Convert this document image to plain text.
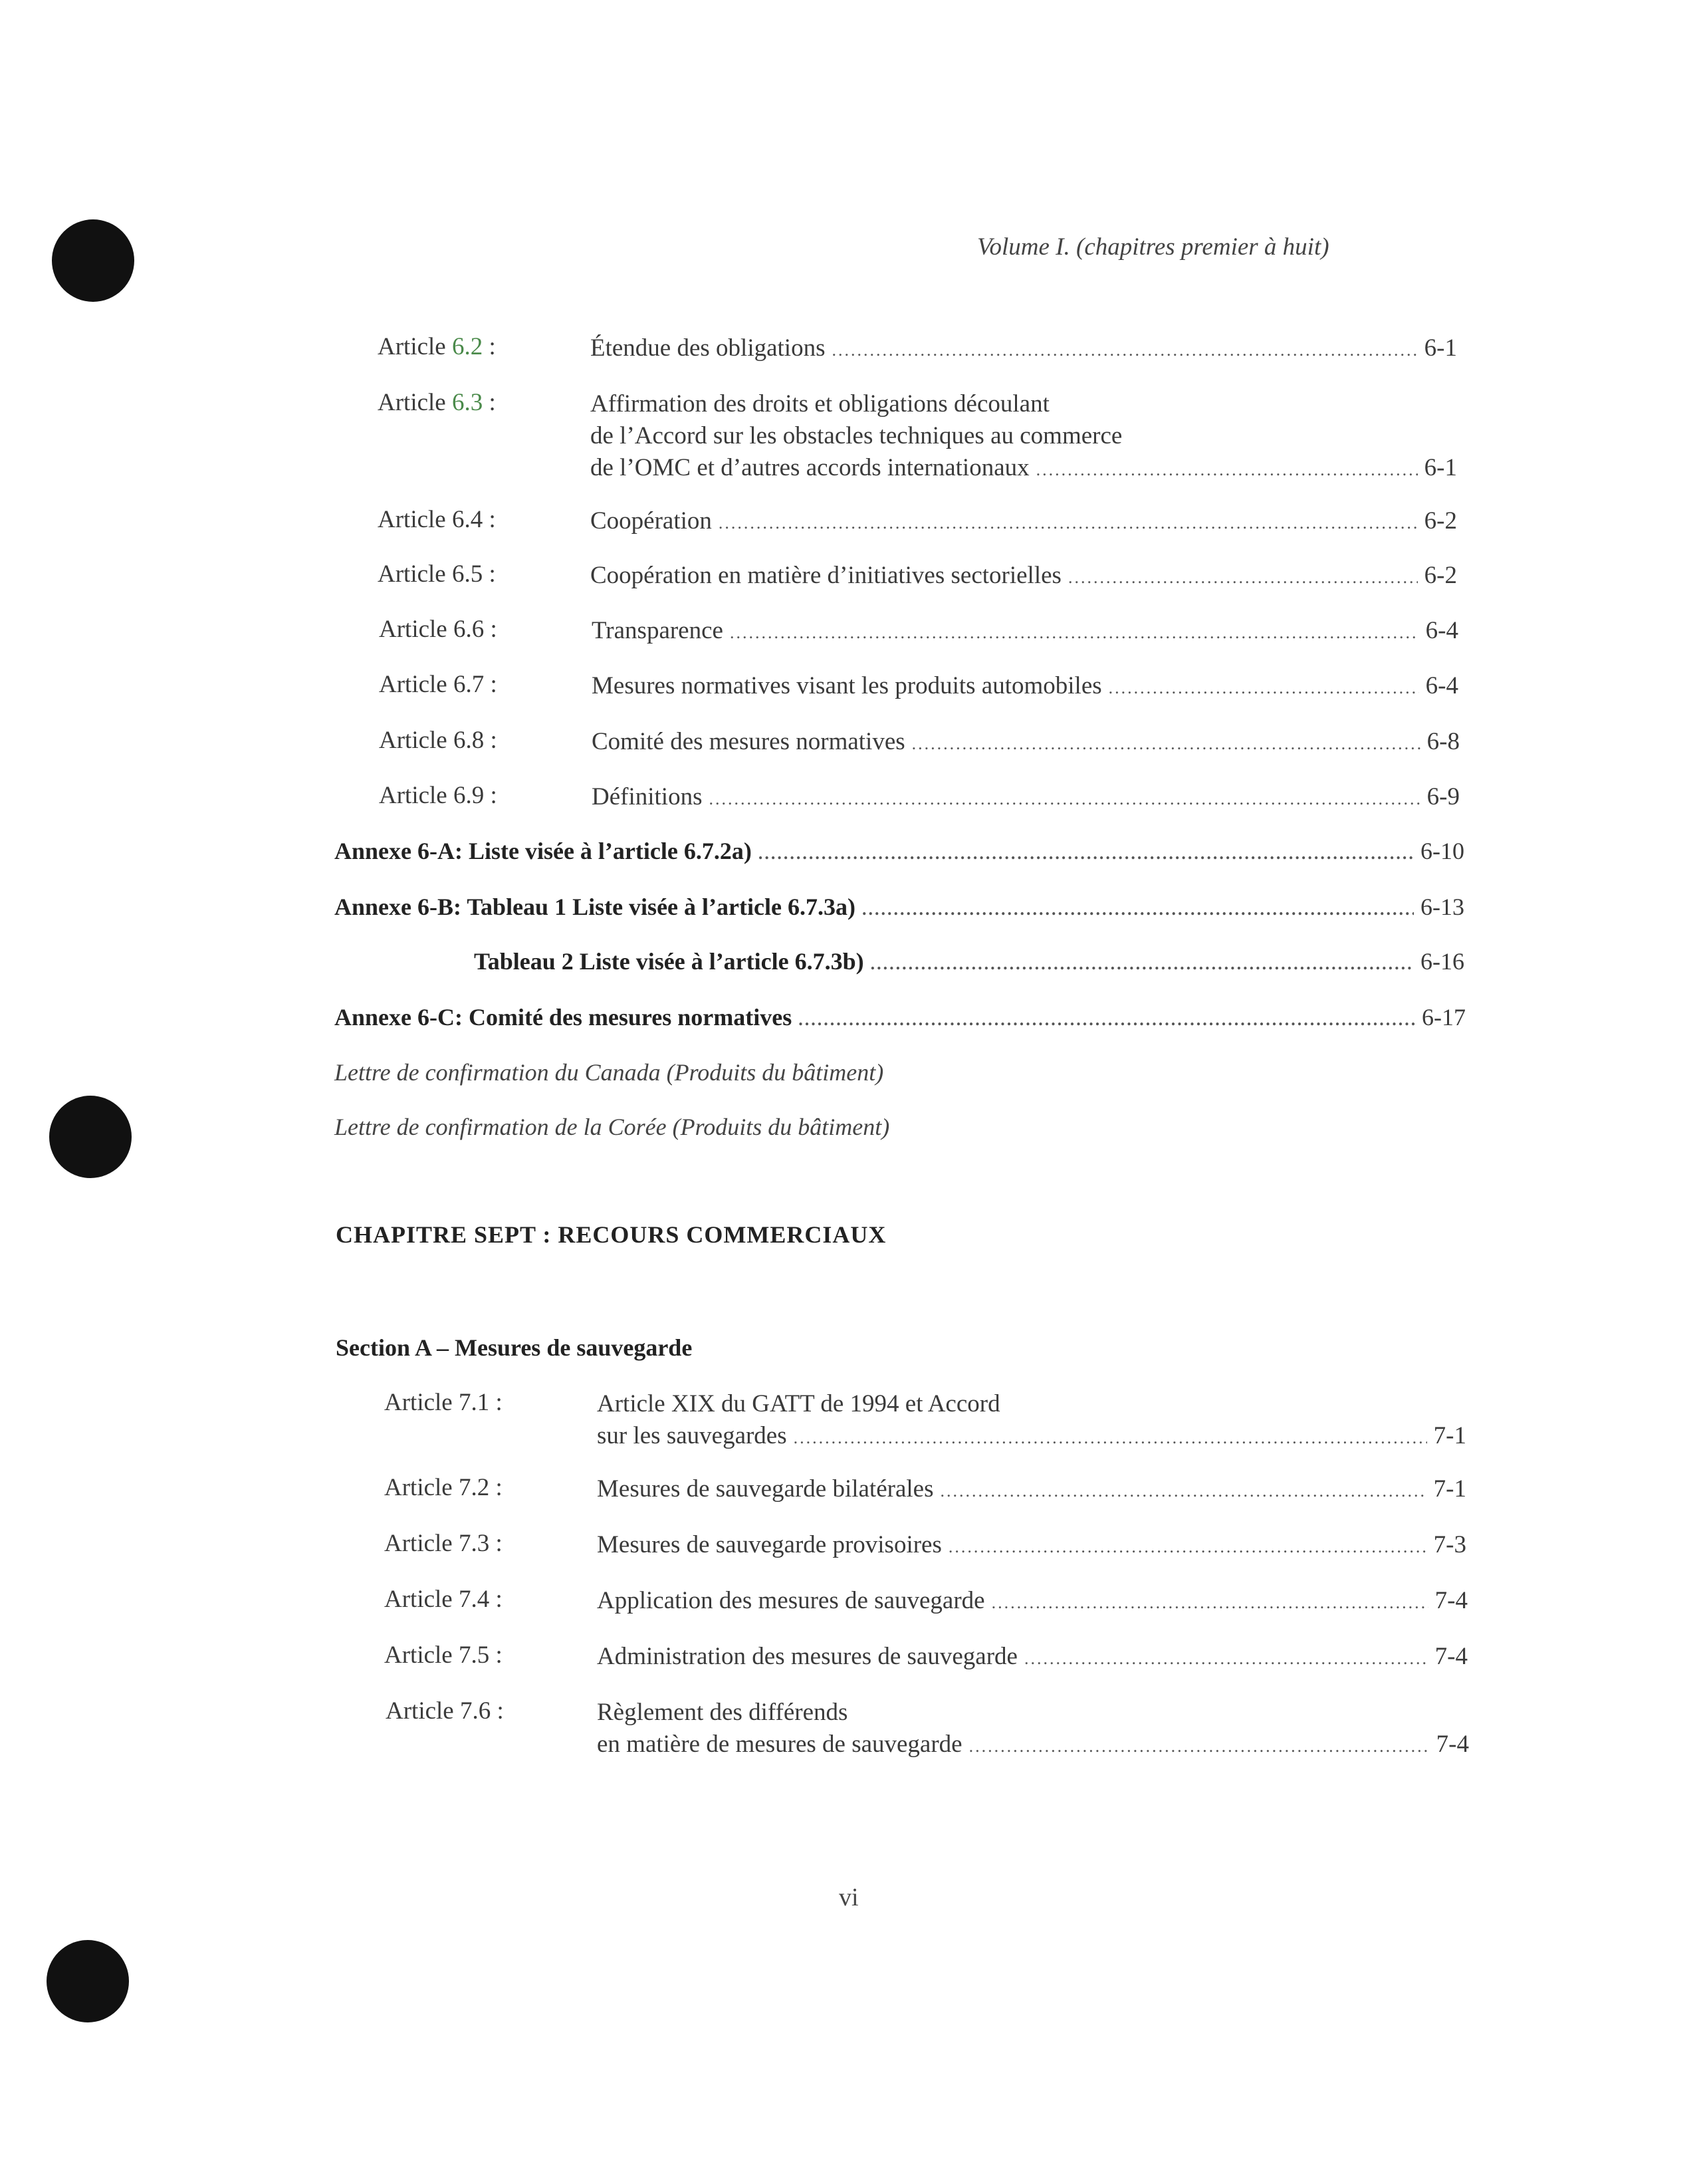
Volume I. (chapitres premier à huit)
Article 6.2 :	Étendue des obligations .....	6-1
Article 6.3 :	Affirmation des droits et obligations découlant
de l’Accord sur les obstacles techniques au commerce
de l’OMC et d’autres accords internationaux .....	6-1
Article 6.4 :	Coopération .....	6-2
Article 6.5 :	Coopération en matière d’initiatives sectorielles .....	6-2
Article 6.6 :	Transparence .....	6-4
Article 6.7 :	Mesures normatives visant les produits automobiles .....	6-4
Article 6.8 :	Comité des mesures normatives .....	6-8
Article 6.9 :	Définitions .....	6-9
Annexe 6-A: Liste visée à l’article 6.7.2a) .....	6-10
Annexe 6-B: Tableau 1 Liste visée à l’article 6.7.3a) .....	6-13
Tableau 2 Liste visée à l’article 6.7.3b) .....	6-16
Annexe 6-C: Comité des mesures normatives .....	6-17
Lettre de confirmation du Canada (Produits du bâtiment)
Lettre de confirmation de la Corée (Produits du bâtiment)
CHAPITRE SEPT : RECOURS COMMERCIAUX
Section A – Mesures de sauvegarde
Article 7.1 :	Article XIX du GATT de 1994 et Accord
sur les sauvegardes .....	7-1
Article 7.2 :	Mesures de sauvegarde bilatérales .....	7-1
Article 7.3 :	Mesures de sauvegarde provisoires .....	7-3
Article 7.4 :	Application des mesures de sauvegarde .....	7-4
Article 7.5 :	Administration des mesures de sauvegarde .....	7-4
Article 7.6 :	Règlement des différends
en matière de mesures de sauvegarde .....	7-4
vi
